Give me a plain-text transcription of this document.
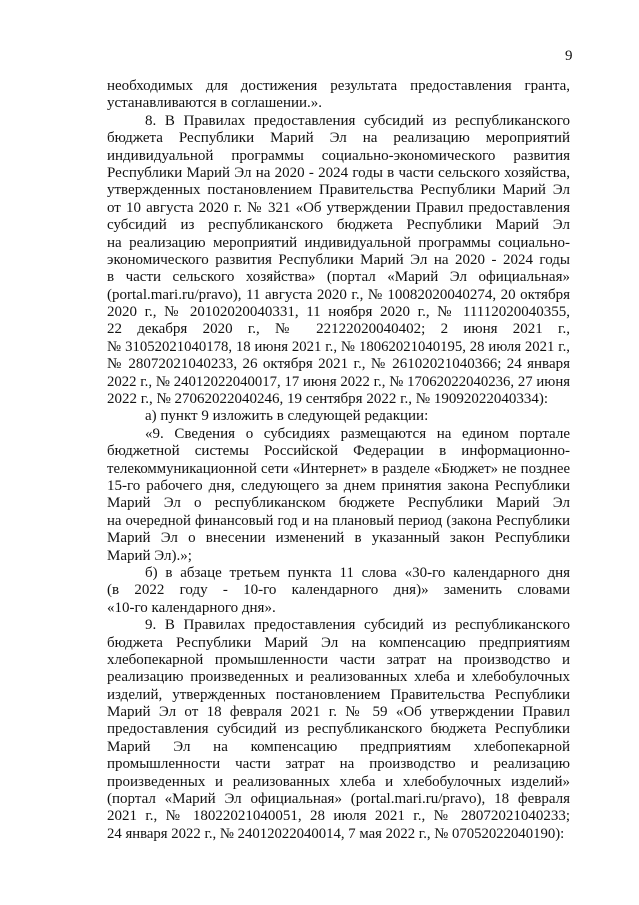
9
необходимых для достижения результата предоставления гранта,
устанавливаются в соглашении.».
8. В Правилах предоставления субсидий из республиканского
бюджета Республики Марий Эл на реализацию мероприятий
индивидуальной программы социально-экономического развития
Республики Марий Эл на 2020 - 2024 годы в части сельского хозяйства,
утвержденных постановлением Правительства Республики Марий Эл
от 10 августа 2020 г. № 321 «Об утверждении Правил предоставления
субсидий из республиканского бюджета Республики Марий Эл
на реализацию мероприятий индивидуальной программы социально-
экономического развития Республики Марий Эл на 2020 - 2024 годы
в части сельского хозяйства» (портал «Марий Эл официальная»
(portal.mari.ru/pravo), 11 августа 2020 г., № 10082020040274, 20 октября
2020 г., № 20102020040331, 11 ноября 2020 г., № 11112020040355,
22 декабря 2020 г., № 22122020040402; 2 июня 2021 г.,
№ 31052021040178, 18 июня 2021 г., № 18062021040195, 28 июля 2021 г.,
№ 28072021040233, 26 октября 2021 г., № 26102021040366; 24 января
2022 г., № 24012022040017, 17 июня 2022 г., № 17062022040236, 27 июня
2022 г., № 27062022040246, 19 сентября 2022 г., № 19092022040334):
а) пункт 9 изложить в следующей редакции:
«9. Сведения о субсидиях размещаются на едином портале
бюджетной системы Российской Федерации в информационно-
телекоммуникационной сети «Интернет» в разделе «Бюджет» не позднее
15-го рабочего дня, следующего за днем принятия закона Республики
Марий Эл о республиканском бюджете Республики Марий Эл
на очередной финансовый год и на плановый период (закона Республики
Марий Эл о внесении изменений в указанный закон Республики
Марий Эл).»;
б) в абзаце третьем пункта 11 слова «30-го календарного дня
(в 2022 году - 10-го календарного дня)» заменить словами
«10-го календарного дня».
9. В Правилах предоставления субсидий из республиканского
бюджета Республики Марий Эл на компенсацию предприятиям
хлебопекарной промышленности части затрат на производство и
реализацию произведенных и реализованных хлеба и хлебобулочных
изделий, утвержденных постановлением Правительства Республики
Марий Эл от 18 февраля 2021 г. № 59 «Об утверждении Правил
предоставления субсидий из республиканского бюджета Республики
Марий Эл на компенсацию предприятиям хлебопекарной
промышленности части затрат на производство и реализацию
произведенных и реализованных хлеба и хлебобулочных изделий»
(портал «Марий Эл официальная» (portal.mari.ru/pravo), 18 февраля
2021 г., № 18022021040051, 28 июля 2021 г., № 28072021040233;
24 января 2022 г., № 24012022040014, 7 мая 2022 г., № 07052022040190):
